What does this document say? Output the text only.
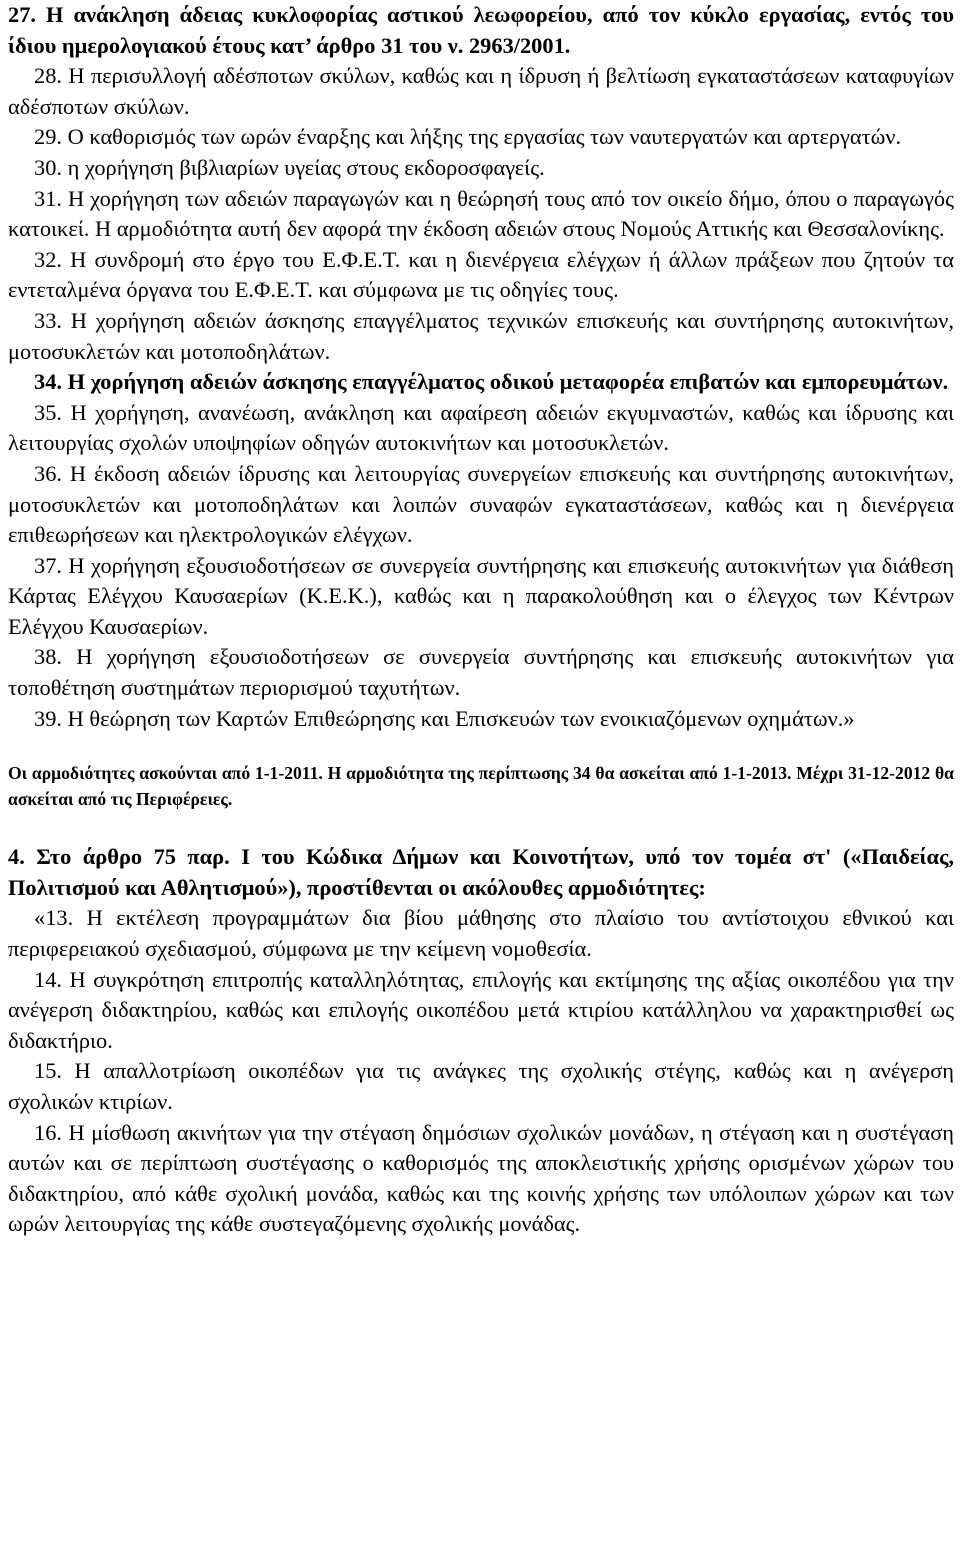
27. Η ανάκληση άδειας κυκλοφορίας αστικού λεωφορείου, από τον κύκλο εργασίας, εντός του ίδιου ημερολογιακού έτους κατ’ άρθρο 31 του ν. 2963/2001.

28. Η περισυλλογή αδέσποτων σκύλων, καθώς και η ίδρυση ή βελτίωση εγκαταστάσεων καταφυγίων αδέσποτων σκύλων.

29. Ο καθορισμός των ωρών έναρξης και λήξης της εργασίας των ναυτεργατών και αρτεργατών.

30. η χορήγηση βιβλιαρίων υγείας στους εκδοροσφαγείς.

31. Η χορήγηση των αδειών παραγωγών και η θεώρησή τους από τον οικείο δήμο, όπου ο παραγωγός κατοικεί. Η αρμοδιότητα αυτή δεν αφορά την έκδοση αδειών στους Νομούς Αττικής και Θεσσαλονίκης.

32. Η συνδρομή στο έργο του Ε.Φ.Ε.Τ. και η διενέργεια ελέγχων ή άλλων πράξεων που ζητούν τα εντεταλμένα όργανα του Ε.Φ.Ε.Τ. και σύμφωνα με τις οδηγίες τους.

33. Η χορήγηση αδειών άσκησης επαγγέλματος τεχνικών επισκευής και συντήρησης αυτοκινήτων, μοτοσυκλετών και μοτοποδηλάτων.

34. Η χορήγηση αδειών άσκησης επαγγέλματος οδικού μεταφορέα επιβατών και εμπορευμάτων.

35. Η χορήγηση, ανανέωση, ανάκληση και αφαίρεση αδειών εκγυμναστών, καθώς και ίδρυσης και λειτουργίας σχολών υποψηφίων οδηγών αυτοκινήτων και μοτοσυκλετών.

36. Η έκδοση αδειών ίδρυσης και λειτουργίας συνεργείων επισκευής και συντήρησης αυτοκινήτων, μοτοσυκλετών και μοτοποδηλάτων και λοιπών συναφών εγκαταστάσεων, καθώς και η διενέργεια επιθεωρήσεων και ηλεκτρολογικών ελέγχων.

37. Η χορήγηση εξουσιοδοτήσεων σε συνεργεία συντήρησης και επισκευής αυτοκινήτων για διάθεση Κάρτας Ελέγχου Καυσαερίων (Κ.Ε.Κ.), καθώς και η παρακολούθηση και ο έλεγχος των Κέντρων Ελέγχου Καυσαερίων.

38. Η χορήγηση εξουσιοδοτήσεων σε συνεργεία συντήρησης και επισκευής αυτοκινήτων για τοποθέτηση συστημάτων περιορισμού ταχυτήτων.

39. Η θεώρηση των Καρτών Επιθεώρησης και Επισκευών των ενοικιαζόμενων οχημάτων.»

Οι αρμοδιότητες ασκούνται από 1-1-2011. Η αρμοδιότητα της περίπτωσης 34 θα ασκείται από 1-1-2013. Μέχρι 31-12-2012 θα ασκείται από τις Περιφέρειες.

4. Στο άρθρο 75 παρ. Ι του Κώδικα Δήμων και Κοινοτήτων, υπό τον τομέα στ' («Παιδείας, Πολιτισμού και Αθλητισμού»), προστίθενται οι ακόλουθες αρμοδιότητες:

«13. Η εκτέλεση προγραμμάτων δια βίου μάθησης στο πλαίσιο του αντίστοιχου εθνικού και περιφερειακού σχεδιασμού, σύμφωνα με την κείμενη νομοθεσία.

14. Η συγκρότηση επιτροπής καταλληλότητας, επιλογής και εκτίμησης της αξίας οικοπέδου για την ανέγερση διδακτηρίου, καθώς και επιλογής οικοπέδου μετά κτιρίου κατάλληλου να χαρακτηρισθεί ως διδακτήριο.

15. Η απαλλοτρίωση οικοπέδων για τις ανάγκες της σχολικής στέγης, καθώς και η ανέγερση σχολικών κτιρίων.

16. Η μίσθωση ακινήτων για την στέγαση δημόσιων σχολικών μονάδων, η στέγαση και η συστέγαση αυτών και σε περίπτωση συστέγασης ο καθορισμός της αποκλειστικής χρήσης ορισμένων χώρων του διδακτηρίου, από κάθε σχολική μονάδα, καθώς και της κοινής χρήσης των υπόλοιπων χώρων και των ωρών λειτουργίας της κάθε συστεγαζόμενης σχολικής μονάδας.
